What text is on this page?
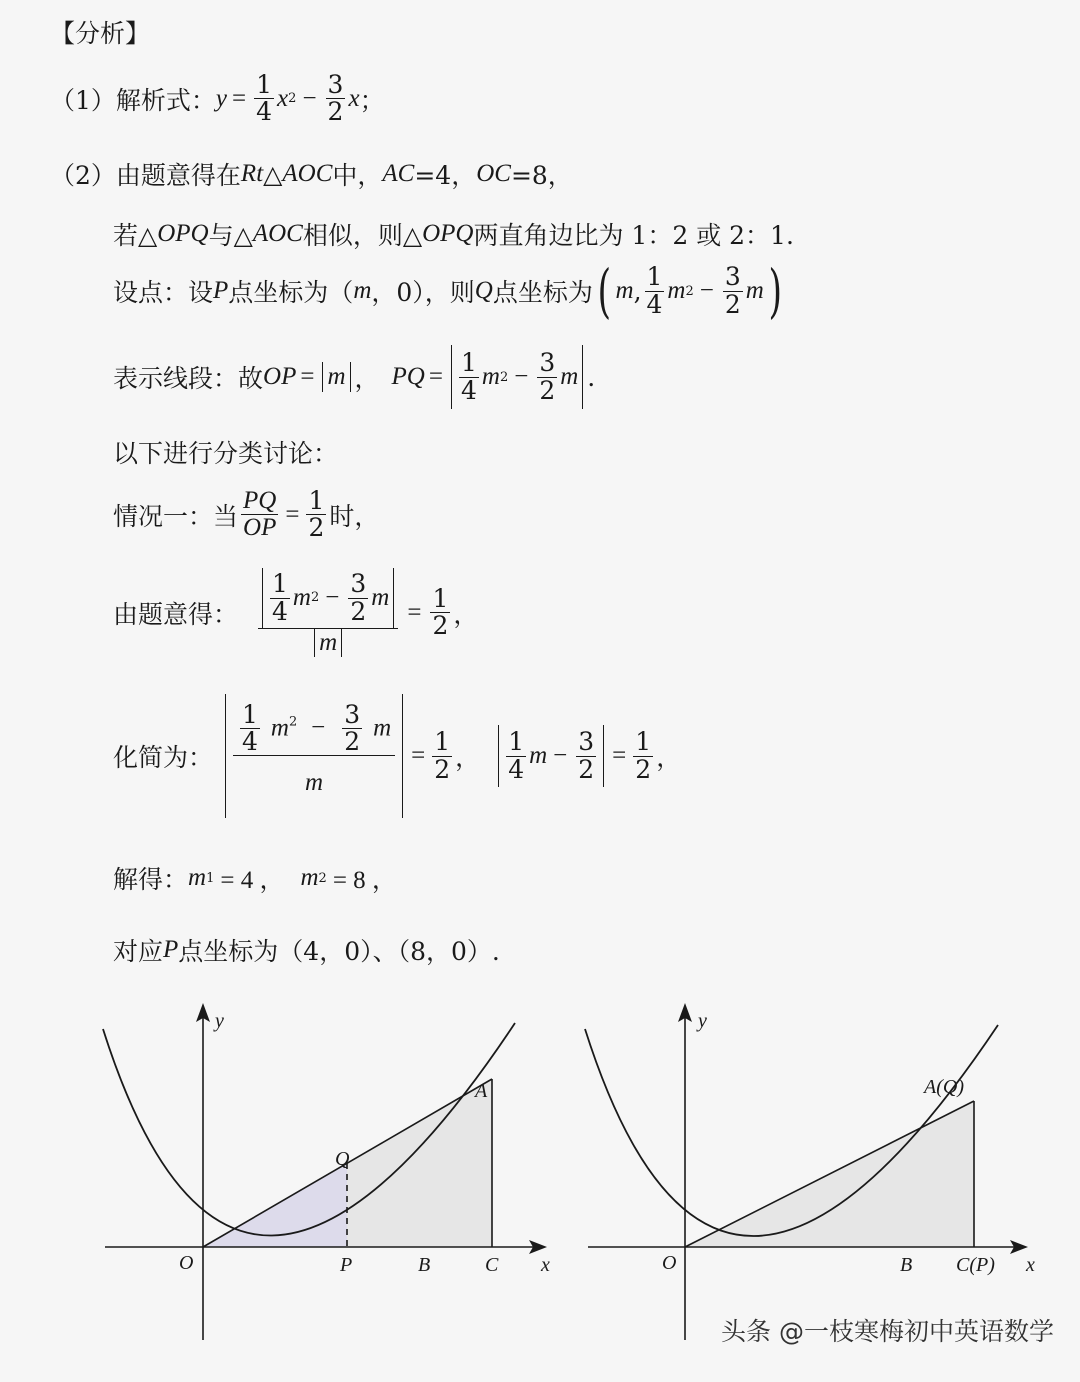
【分析】
（1）解析式： $y = \frac{1}{4}$ x $2 - \frac{3}{2}$ x ；
（2）由题意得在 Rt △ AOC 中， AC =4， OC =8，
若△ OPQ 与△ AOC 相似，则△ OPQ 两直角边比为 1：2 或 2：1.
设点：设 P 点坐标为（ m ，0），则 Q 点坐标为 ( m , $\frac{1}{4}$ m $2 - \frac{3}{2}$ m )
表示线段：故 OP = m ， PQ = $\frac{1}{4}$ m $2 - \frac{3}{2}$ m .
以下进行分类讨论：
情况一：当 $\frac{PQ}{OP} = \frac{1}{2}$ 时，
由题意得： $\frac{\frac{1}{4} m 2 - \frac{3}{2} m}{m} = \frac{1}{2}$ ，
化简为： $\frac{\frac{1}{4} m^2 - \frac{3}{2} m}{m} = \frac{1}{2}$ ， $\frac{1}{4}$ $m - \frac{3}{2} = \frac{1}{2}$ ，
解得： m 1 = 4 ， m 2 = 8 ，
对应 P 点坐标为（4，0）、（8，0）.
y
x
O	P	B	C
Q
A
y
x
O	B C(P)
A(Q)
头条 @一枝寒梅初中英语数学
